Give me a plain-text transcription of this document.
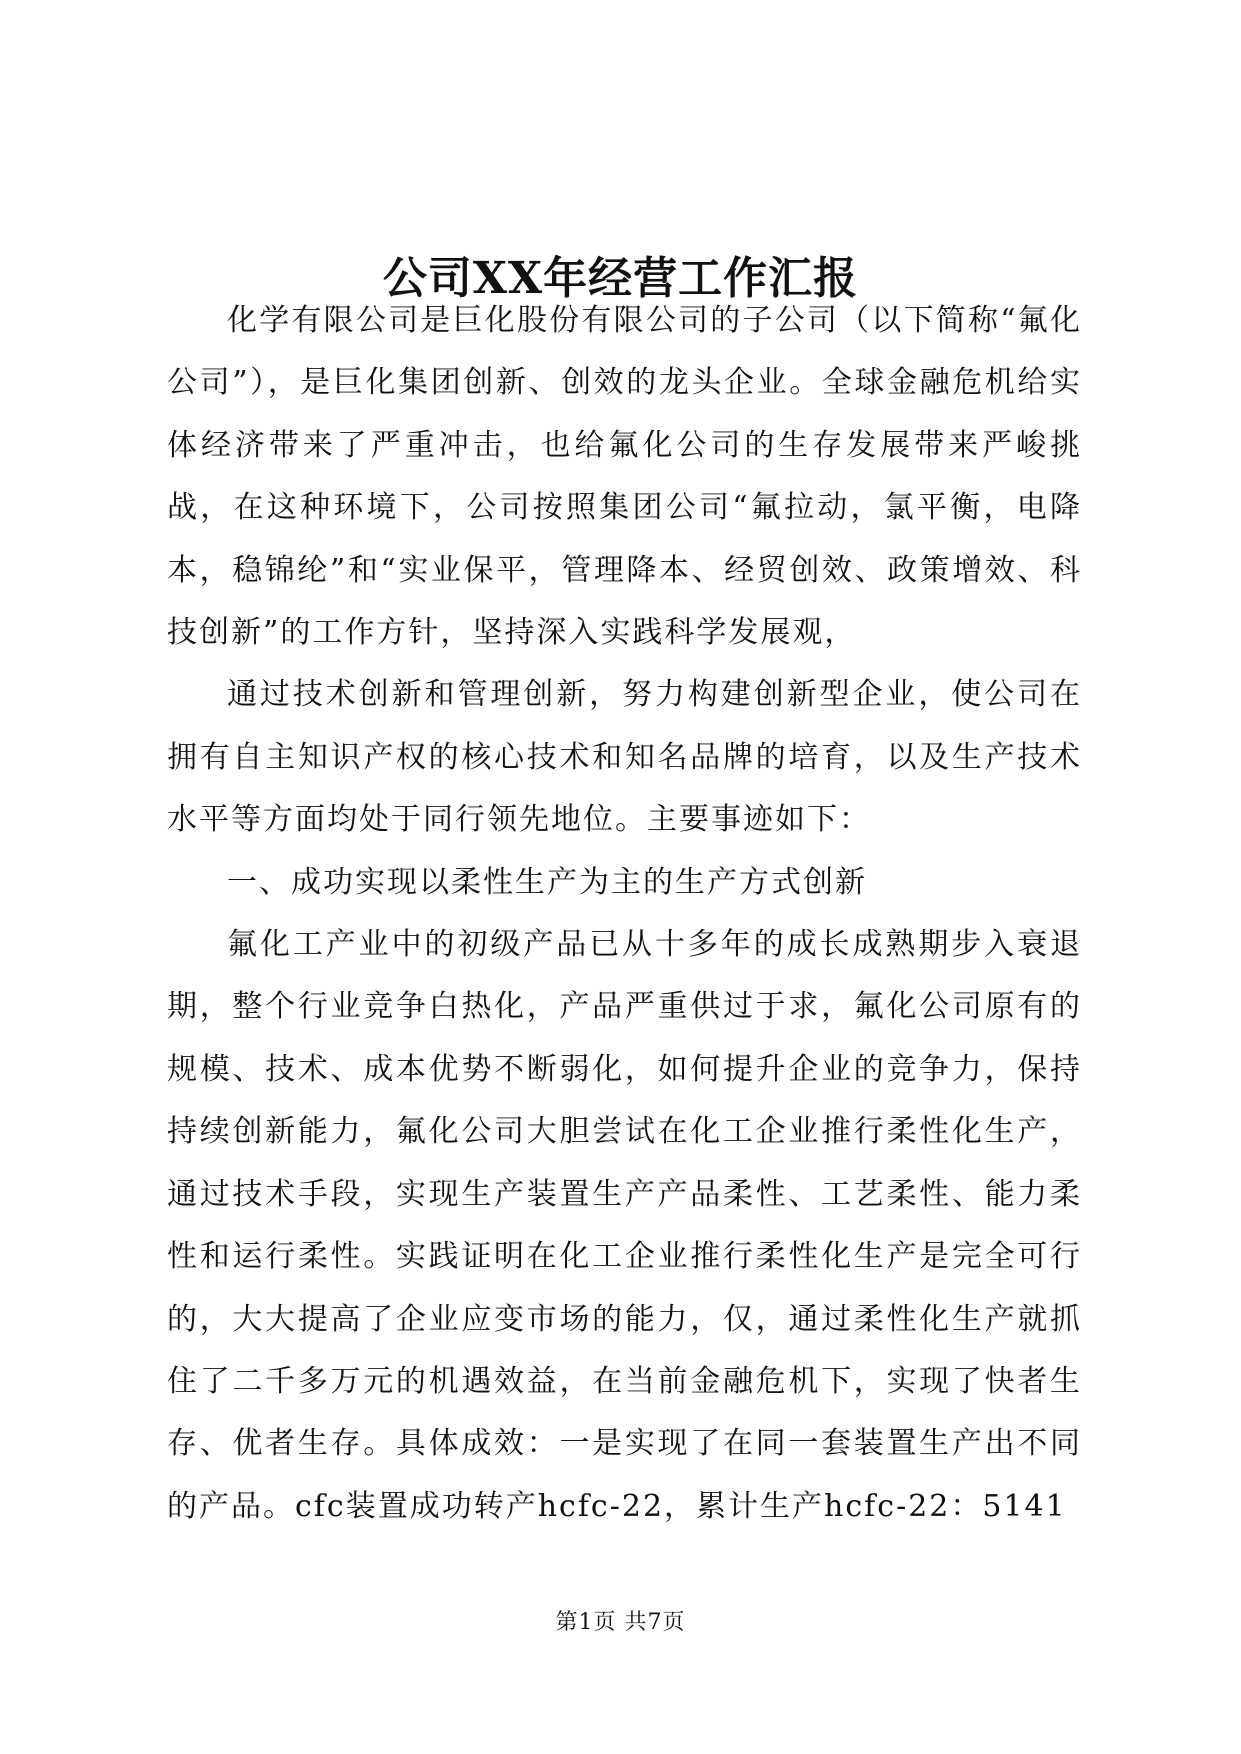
公司XX年经营工作汇报

化学有限公司是巨化股份有限公司的子公司（以下简称“氟化公司”），是巨化集团创新、创效的龙头企业。全球金融危机给实体经济带来了严重冲击，也给氟化公司的生存发展带来严峻挑战，在这种环境下，公司按照集团公司“氟拉动，氯平衡，电降本，稳锦纶”和“实业保平，管理降本、经贸创效、政策增效、科技创新”的工作方针，坚持深入实践科学发展观，

通过技术创新和管理创新，努力构建创新型企业，使公司在拥有自主知识产权的核心技术和知名品牌的培育，以及生产技术水平等方面均处于同行领先地位。主要事迹如下：

一、成功实现以柔性生产为主的生产方式创新

氟化工产业中的初级产品已从十多年的成长成熟期步入衰退期，整个行业竞争白热化，产品严重供过于求，氟化公司原有的规模、技术、成本优势不断弱化，如何提升企业的竞争力，保持持续创新能力，氟化公司大胆尝试在化工企业推行柔性化生产，通过技术手段，实现生产装置生产产品柔性、工艺柔性、能力柔性和运行柔性。实践证明在化工企业推行柔性化生产是完全可行的，大大提高了企业应变市场的能力，仅，通过柔性化生产就抓住了二千多万元的机遇效益，在当前金融危机下，实现了快者生存、优者生存。具体成效：一是实现了在同一套装置生产出不同的产品。cfc装置成功转产hcfc-22，累计生产hcfc-22：5141

第1页 共7页
